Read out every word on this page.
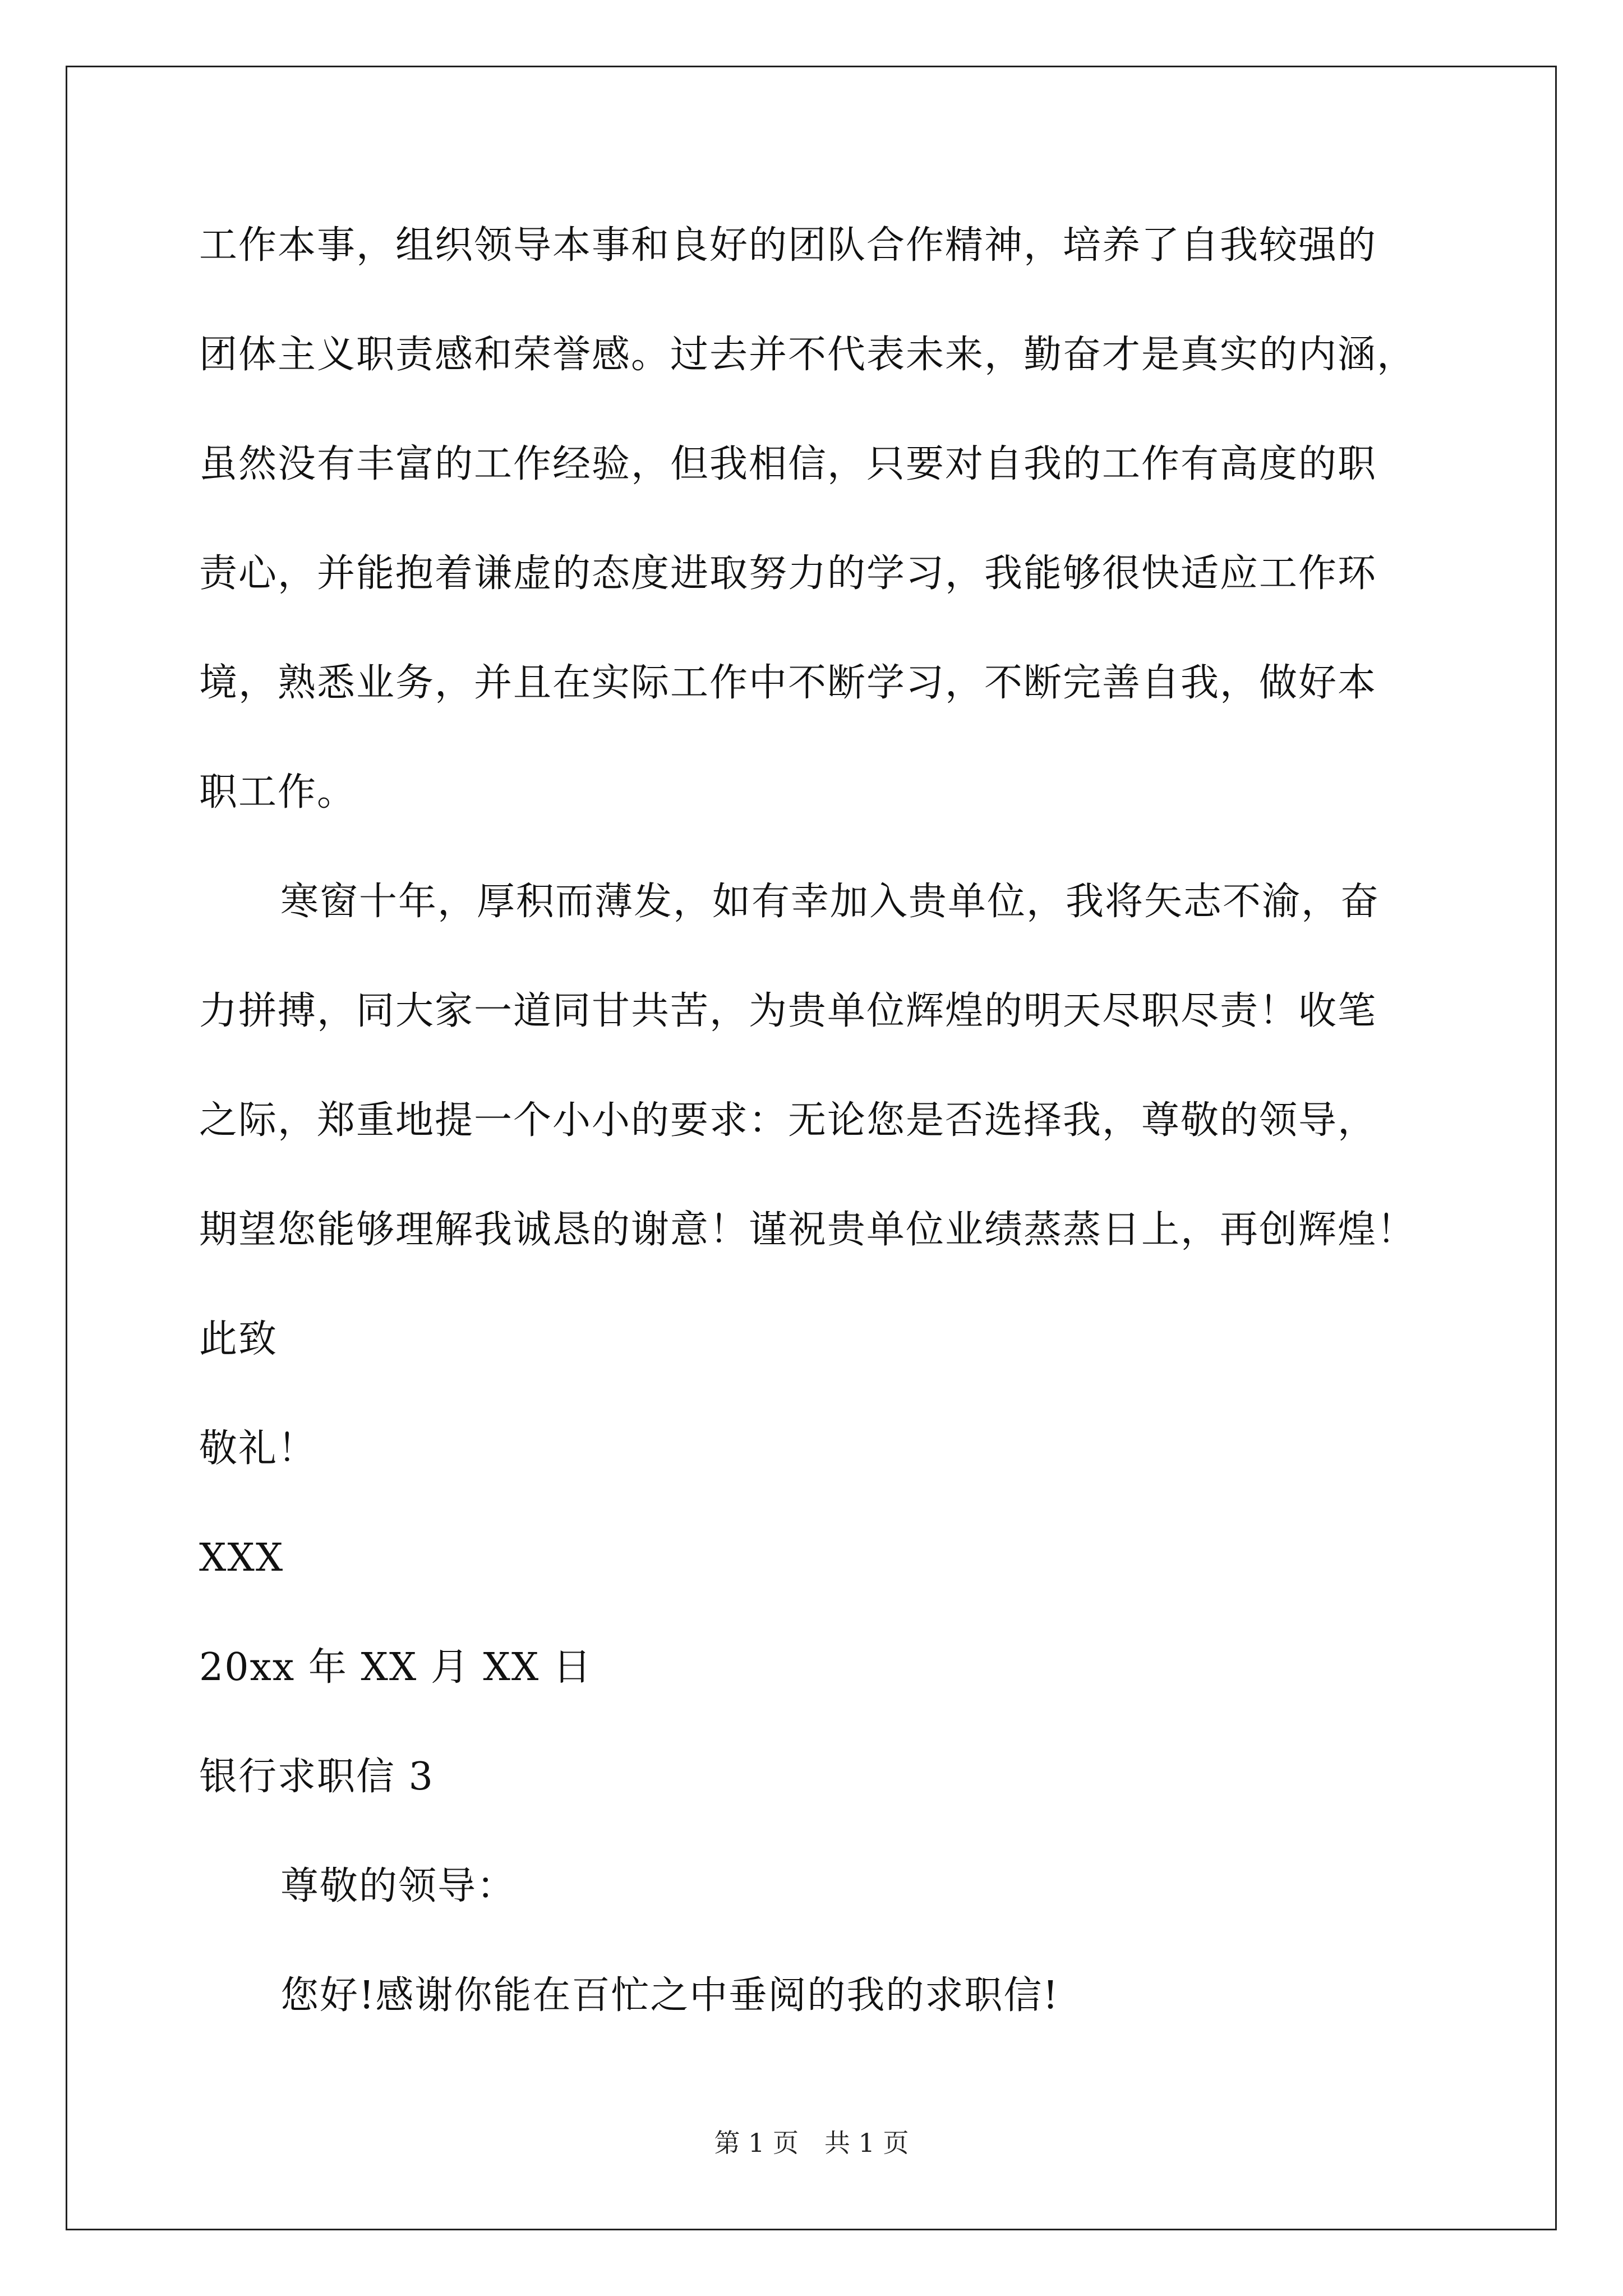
工作本事，组织领导本事和良好的团队合作精神，培养了自我较强的
团体主义职责感和荣誉感。过去并不代表未来，勤奋才是真实的内涵，
虽然没有丰富的工作经验，但我相信，只要对自我的工作有高度的职
责心，并能抱着谦虚的态度进取努力的学习，我能够很快适应工作环
境，熟悉业务，并且在实际工作中不断学习，不断完善自我，做好本
职工作。
寒窗十年，厚积而薄发，如有幸加入贵单位，我将矢志不渝，奋
力拼搏，同大家一道同甘共苦，为贵单位辉煌的明天尽职尽责！收笔
之际，郑重地提一个小小的要求：无论您是否选择我，尊敬的领导，
期望您能够理解我诚恳的谢意！谨祝贵单位业绩蒸蒸日上，再创辉煌！
此致
敬礼！
XXX
20xx 年 XX 月 XX 日
银行求职信 3
尊敬的领导：
您好!感谢你能在百忙之中垂阅的我的求职信!
第 1 页　共 1 页
